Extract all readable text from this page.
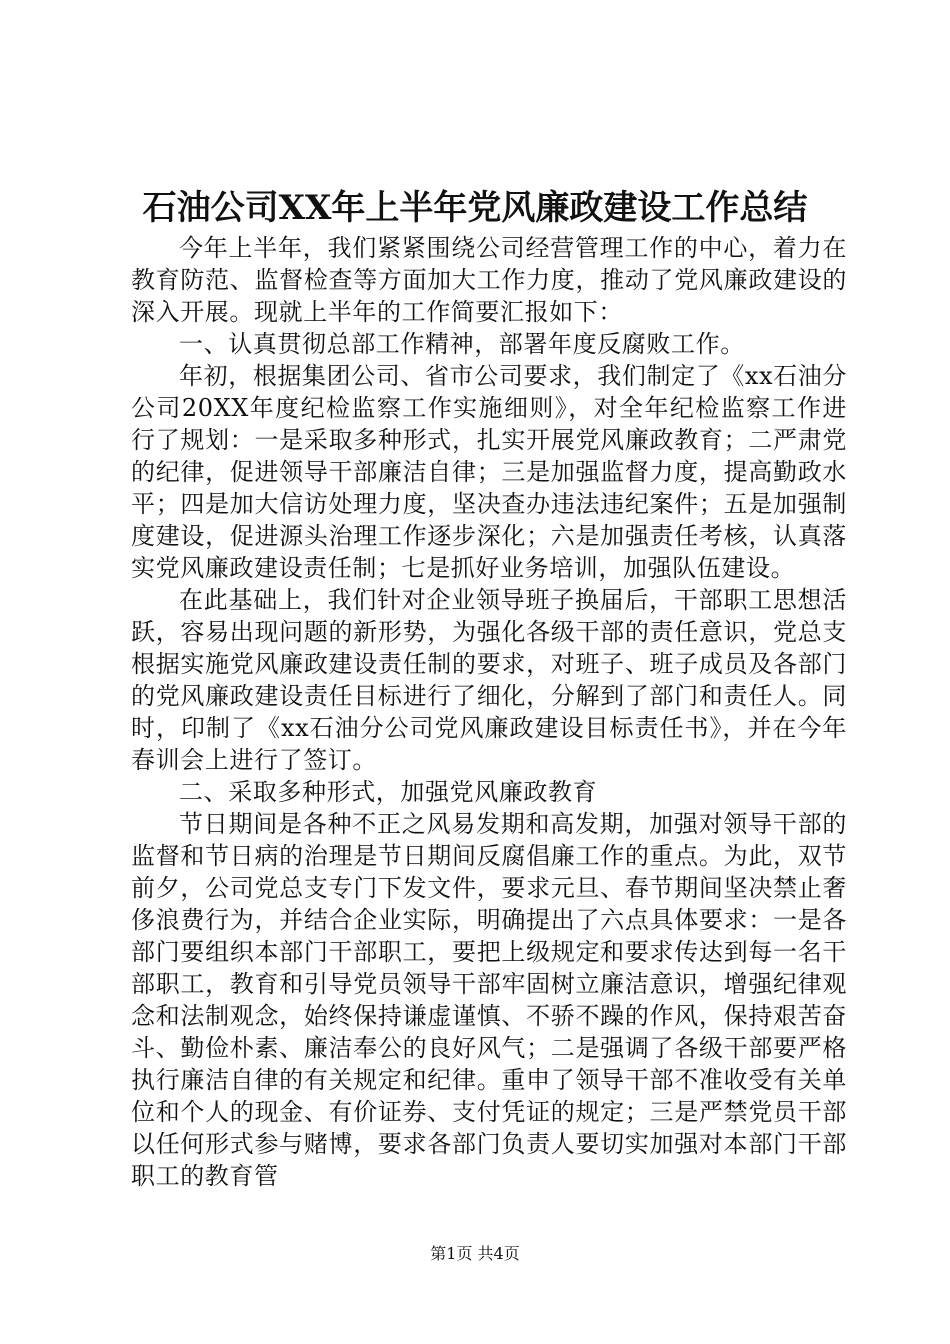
石油公司XX年上半年党风廉政建设工作总结

今年上半年，我们紧紧围绕公司经营管理工作的中心，着力在教育防范、监督检查等方面加大工作力度，推动了党风廉政建设的深入开展。现就上半年的工作简要汇报如下：

一、认真贯彻总部工作精神，部署年度反腐败工作。

年初，根据集团公司、省市公司要求，我们制定了《xx石油分公司20XX年度纪检监察工作实施细则》，对全年纪检监察工作进行了规划：一是采取多种形式，扎实开展党风廉政教育；二严肃党的纪律，促进领导干部廉洁自律；三是加强监督力度，提高勤政水平；四是加大信访处理力度，坚决查办违法违纪案件；五是加强制度建设，促进源头治理工作逐步深化；六是加强责任考核，认真落实党风廉政建设责任制；七是抓好业务培训，加强队伍建设。

在此基础上，我们针对企业领导班子换届后，干部职工思想活跃，容易出现问题的新形势，为强化各级干部的责任意识，党总支根据实施党风廉政建设责任制的要求，对班子、班子成员及各部门的党风廉政建设责任目标进行了细化，分解到了部门和责任人。同时，印制了《xx石油分公司党风廉政建设目标责任书》，并在今年春训会上进行了签订。

二、采取多种形式，加强党风廉政教育

节日期间是各种不正之风易发期和高发期，加强对领导干部的监督和节日病的治理是节日期间反腐倡廉工作的重点。为此，双节前夕，公司党总支专门下发文件，要求元旦、春节期间坚决禁止奢侈浪费行为，并结合企业实际，明确提出了六点具体要求：一是各部门要组织本部门干部职工，要把上级规定和要求传达到每一名干部职工，教育和引导党员领导干部牢固树立廉洁意识，增强纪律观念和法制观念，始终保持谦虚谨慎、不骄不躁的作风，保持艰苦奋斗、勤俭朴素、廉洁奉公的良好风气；二是强调了各级干部要严格执行廉洁自律的有关规定和纪律。重申了领导干部不准收受有关单位和个人的现金、有价证券、支付凭证的规定；三是严禁党员干部以任何形式参与赌博，要求各部门负责人要切实加强对本部门干部职工的教育管

第1页 共4页
